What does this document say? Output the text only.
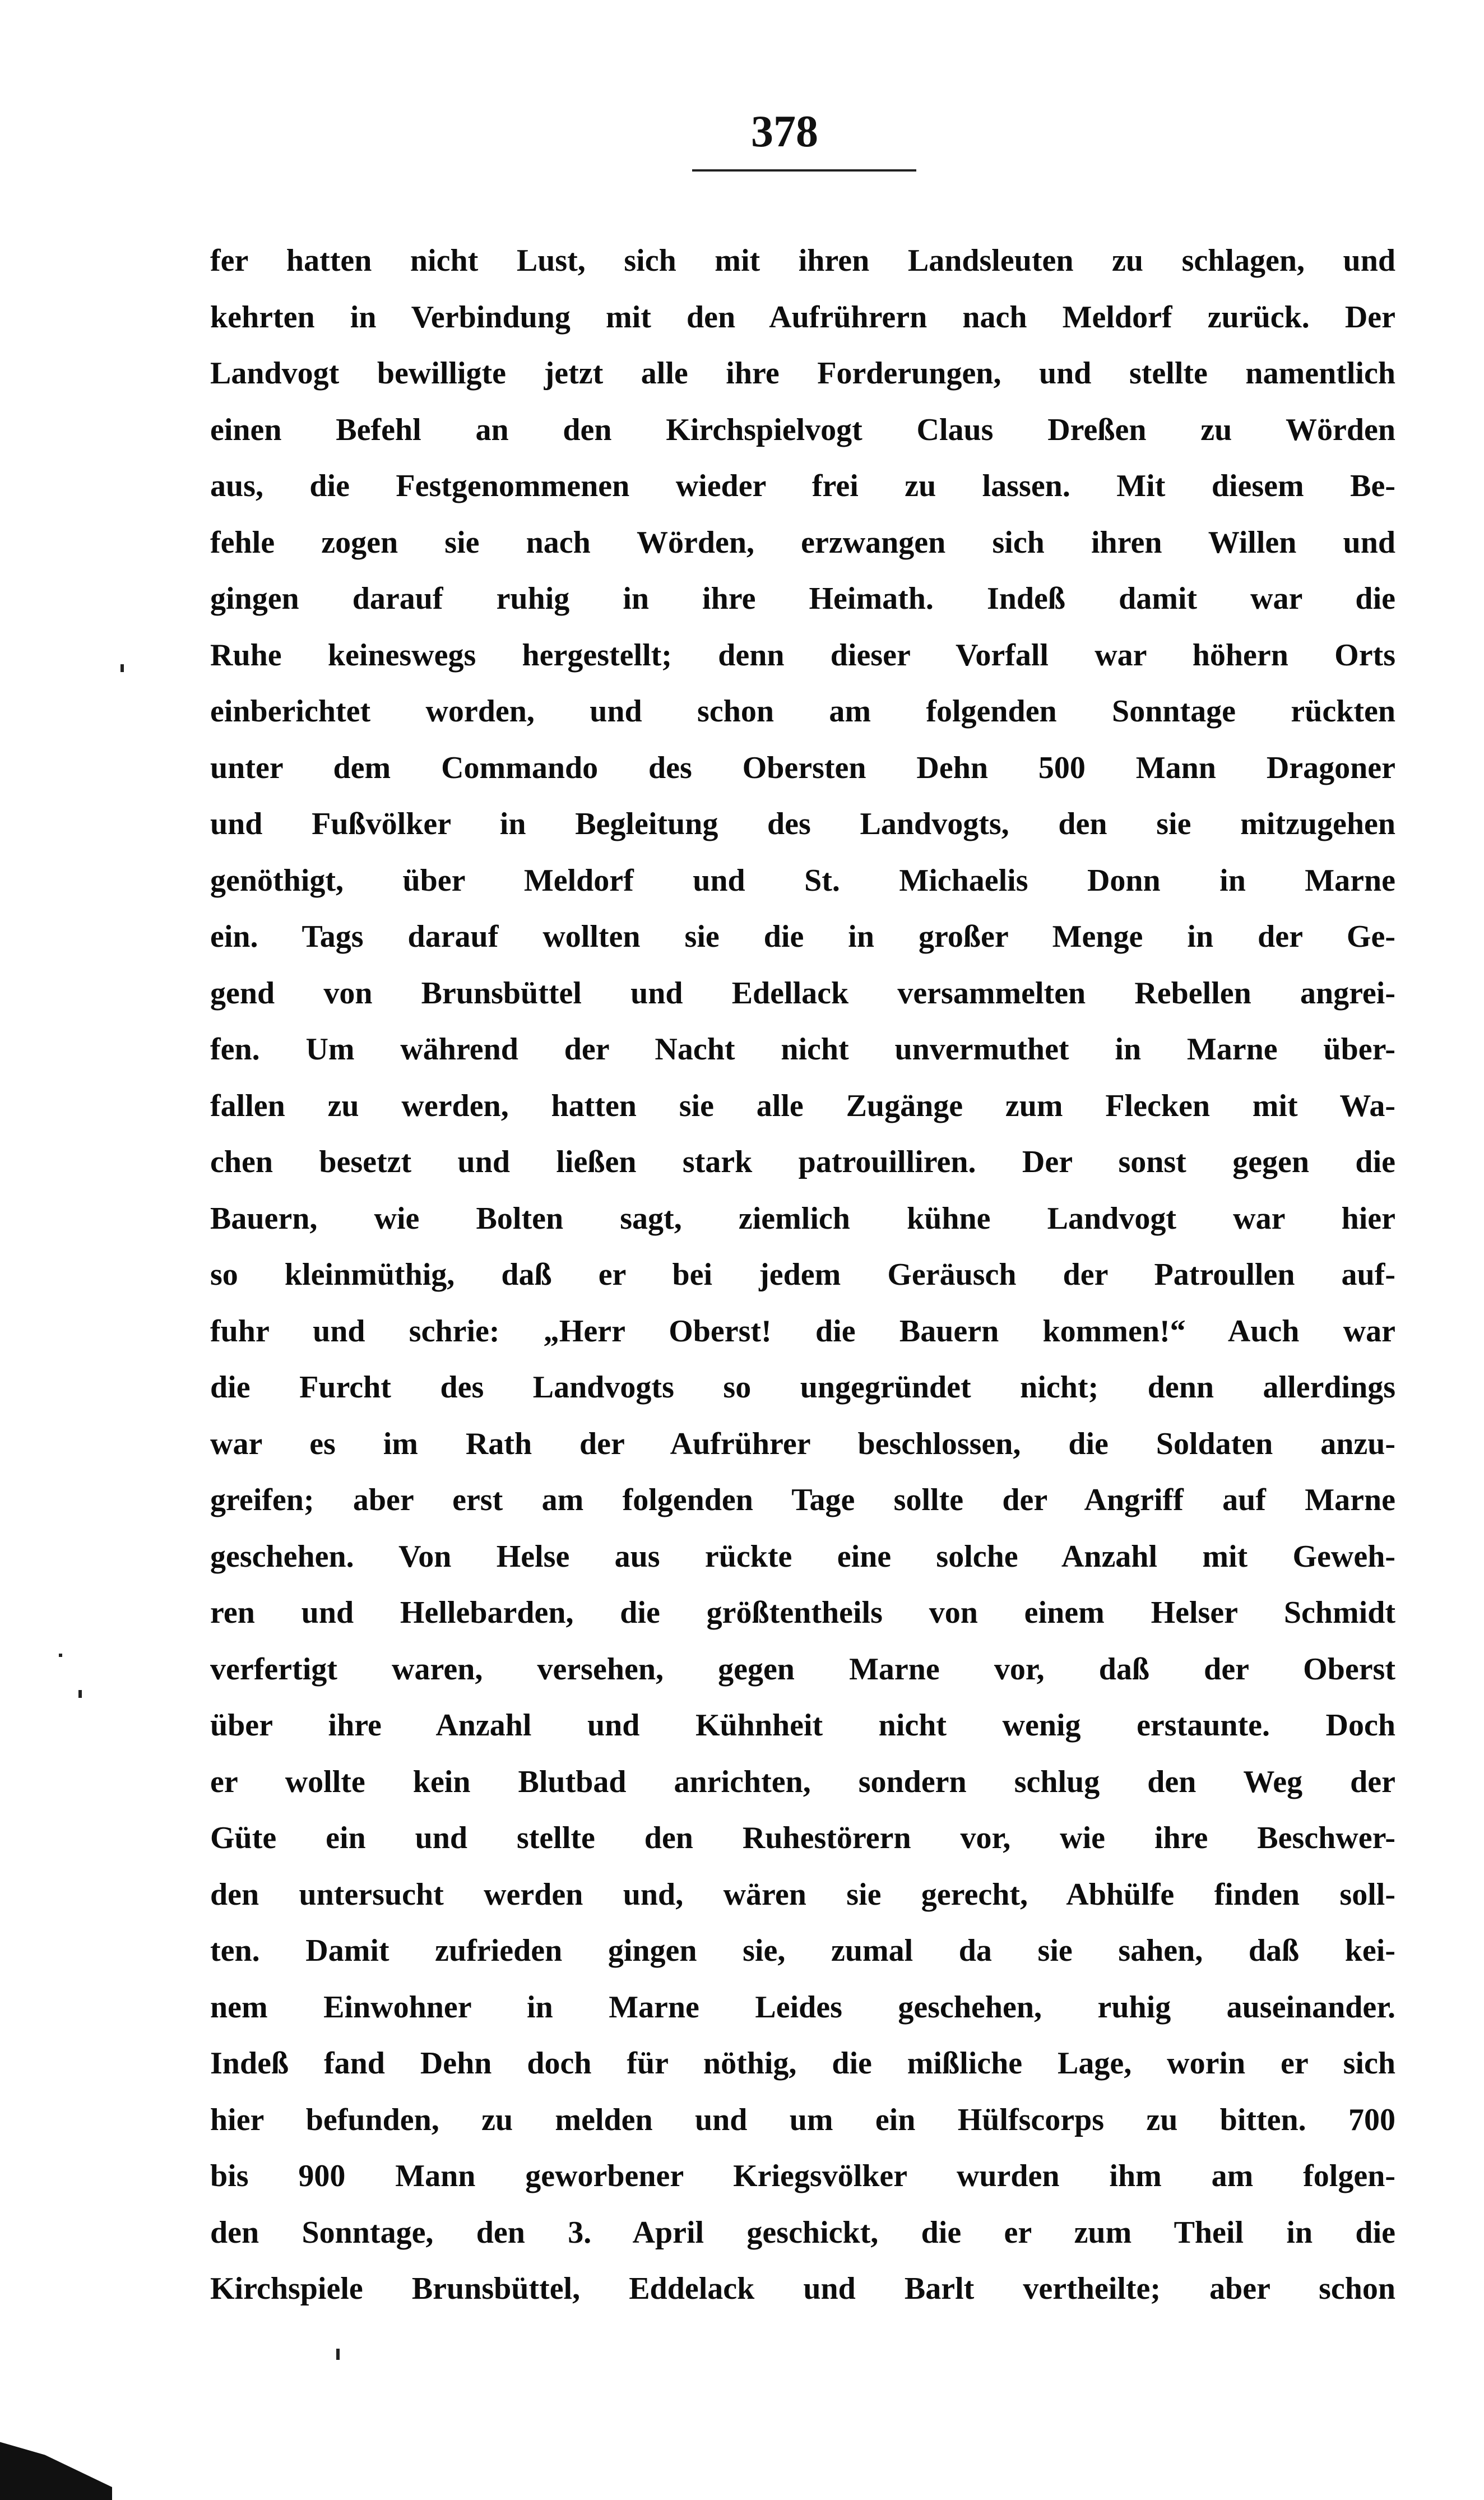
378
fer hatten nicht Lust, sich mit ihren Landsleuten zu schlagen, und
kehrten in Verbindung mit den Aufrührern nach Meldorf zurück. Der
Landvogt bewilligte jetzt alle ihre Forderungen, und stellte namentlich
einen Befehl an den Kirchspielvogt Claus Dreßen zu Wörden
aus, die Festgenommenen wieder frei zu lassen. Mit diesem Be-
fehle zogen sie nach Wörden, erzwangen sich ihren Willen und
gingen darauf ruhig in ihre Heimath. Indeß damit war die
Ruhe keineswegs hergestellt; denn dieser Vorfall war höhern Orts
einberichtet worden, und schon am folgenden Sonntage rückten
unter dem Commando des Obersten Dehn 500 Mann Dragoner
und Fußvölker in Begleitung des Landvogts, den sie mitzugehen
genöthigt, über Meldorf und St. Michaelis Donn in Marne
ein. Tags darauf wollten sie die in großer Menge in der Ge-
gend von Brunsbüttel und Edellack versammelten Rebellen angrei-
fen. Um während der Nacht nicht unvermuthet in Marne über-
fallen zu werden, hatten sie alle Zugänge zum Flecken mit Wa-
chen besetzt und ließen stark patrouilliren. Der sonst gegen die
Bauern, wie Bolten sagt, ziemlich kühne Landvogt war hier
so kleinmüthig, daß er bei jedem Geräusch der Patroullen auf-
fuhr und schrie: „Herr Oberst! die Bauern kommen!“ Auch war
die Furcht des Landvogts so ungegründet nicht; denn allerdings
war es im Rath der Aufrührer beschlossen, die Soldaten anzu-
greifen; aber erst am folgenden Tage sollte der Angriff auf Marne
geschehen. Von Helse aus rückte eine solche Anzahl mit Geweh-
ren und Hellebarden, die größtentheils von einem Helser Schmidt
verfertigt waren, versehen, gegen Marne vor, daß der Oberst
über ihre Anzahl und Kühnheit nicht wenig erstaunte. Doch
er wollte kein Blutbad anrichten, sondern schlug den Weg der
Güte ein und stellte den Ruhestörern vor, wie ihre Beschwer-
den untersucht werden und, wären sie gerecht, Abhülfe finden soll-
ten. Damit zufrieden gingen sie, zumal da sie sahen, daß kei-
nem Einwohner in Marne Leides geschehen, ruhig auseinander.
Indeß fand Dehn doch für nöthig, die mißliche Lage, worin er sich
hier befunden, zu melden und um ein Hülfscorps zu bitten. 700
bis 900 Mann geworbener Kriegsvölker wurden ihm am folgen-
den Sonntage, den 3. April geschickt, die er zum Theil in die
Kirchspiele Brunsbüttel, Eddelack und Barlt vertheilte; aber schon
